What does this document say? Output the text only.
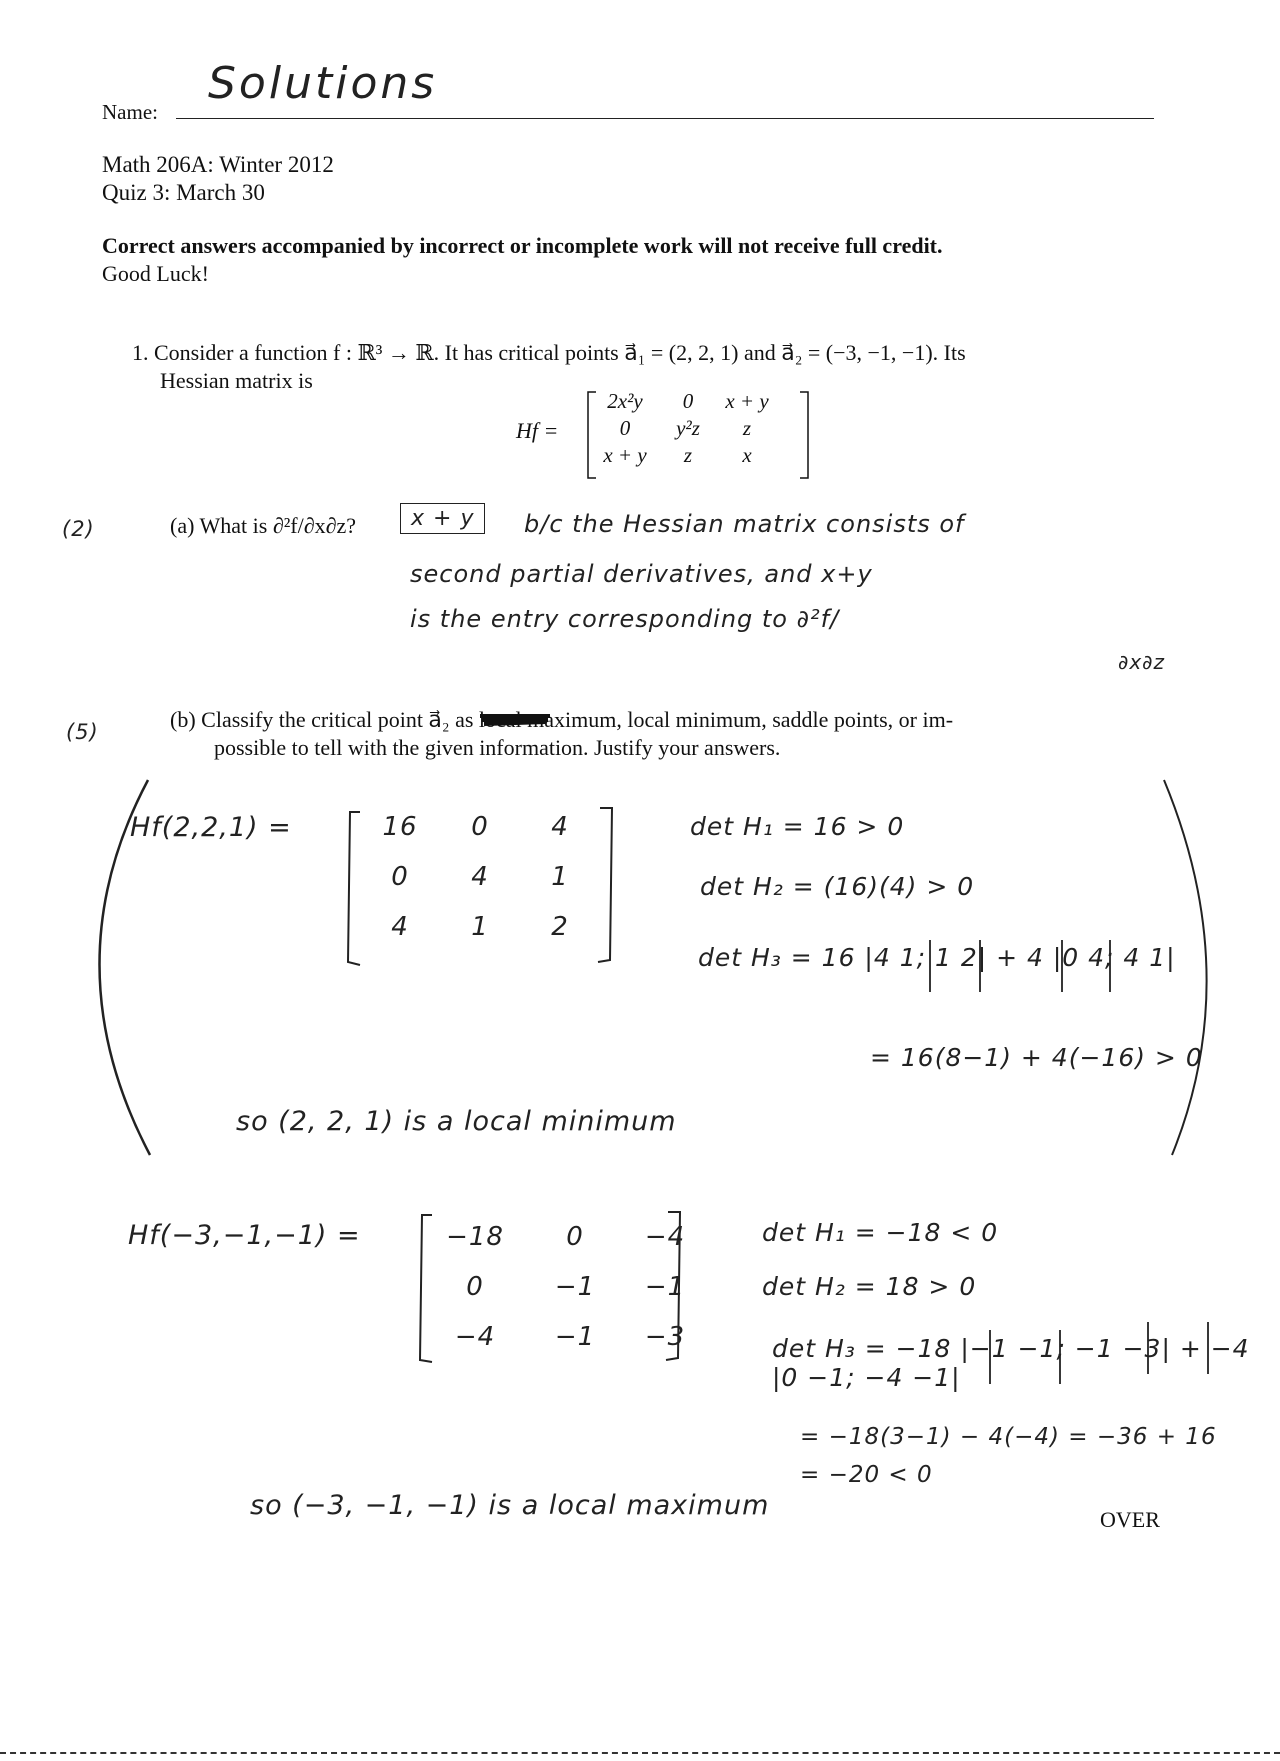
Name:
Solutions
Math 206A: Winter 2012
Quiz 3: March 30
Correct answers accompanied by incorrect or incomplete work will not receive full credit.
Good Luck!
1. Consider a function f : ℝ³ → ℝ. It has critical points a⃗₁ = (2, 2, 1) and a⃗₂ = (−3, −1, −1). Its
Hessian matrix is
Hf =
2x²y	0	x + y
0	y²z	z
x + y	z	x
(2)	(a) What is ∂²f/∂x∂z?	x + y	b/c the Hessian matrix consists of
second partial derivatives, and x+y
is the entry corresponding to ∂²f/
∂x∂z
(5)	(b) Classify the critical point a⃗₂ as local maximum, local minimum, saddle points, or im-
possible to tell with the given information. Justify your answers.
Hf(2,2,1) =	16	0	4
0	4	1
4	1	2
det H₁ = 16 > 0
det H₂ = (16)(4) > 0
det H₃ = 16 |4 1; 1 2| + 4 |0 4; 4 1|
= 16(8−1) + 4(−16) > 0
so (2, 2, 1) is a local minimum
Hf(−3,−1,−1) =	−18	0	−4
0	−1	−1
−4	−1	−3
det H₁ = −18 < 0
det H₂ = 18 > 0
det H₃ = −18 |−1 −1; −1 −3| + −4 |0 −1; −4 −1|
= −18(3−1) − 4(−4) = −36 + 16
= −20 < 0
so (−3, −1, −1) is a local maximum	OVER
